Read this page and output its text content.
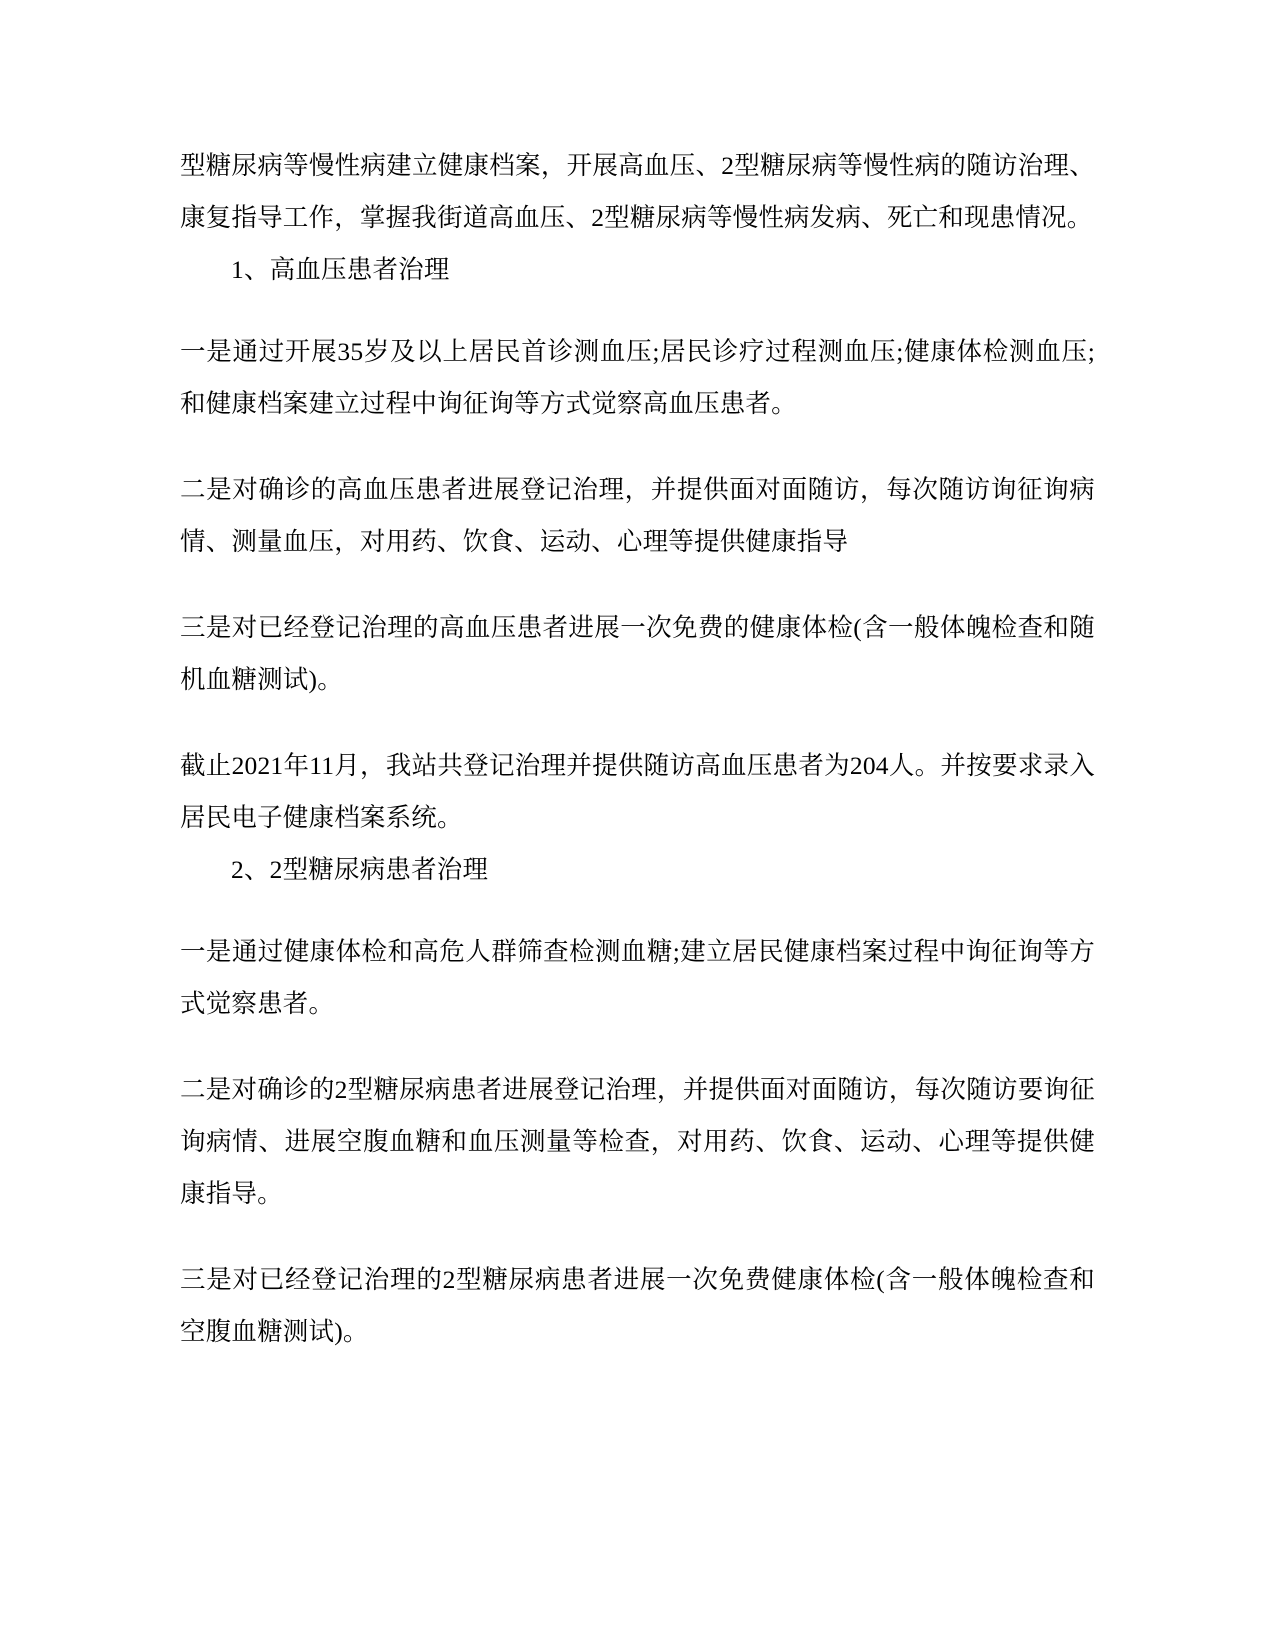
型糖尿病等慢性病建立健康档案，开展高血压、2型糖尿病等慢性病的随访治理、康复指导工作，掌握我街道高血压、2型糖尿病等慢性病发病、死亡和现患情况。

1、高血压患者治理

一是通过开展35岁及以上居民首诊测血压;居民诊疗过程测血压;健康体检测血压;和健康档案建立过程中询征询等方式觉察高血压患者。

二是对确诊的高血压患者进展登记治理，并提供面对面随访，每次随访询征询病情、测量血压，对用药、饮食、运动、心理等提供健康指导

三是对已经登记治理的高血压患者进展一次免费的健康体检(含一般体魄检查和随机血糖测试)。

截止2021年11月，我站共登记治理并提供随访高血压患者为204人。并按要求录入居民电子健康档案系统。

2、2型糖尿病患者治理

一是通过健康体检和高危人群筛查检测血糖;建立居民健康档案过程中询征询等方式觉察患者。

二是对确诊的2型糖尿病患者进展登记治理，并提供面对面随访，每次随访要询征询病情、进展空腹血糖和血压测量等检查，对用药、饮食、运动、心理等提供健康指导。

三是对已经登记治理的2型糖尿病患者进展一次免费健康体检(含一般体魄检查和空腹血糖测试)。
